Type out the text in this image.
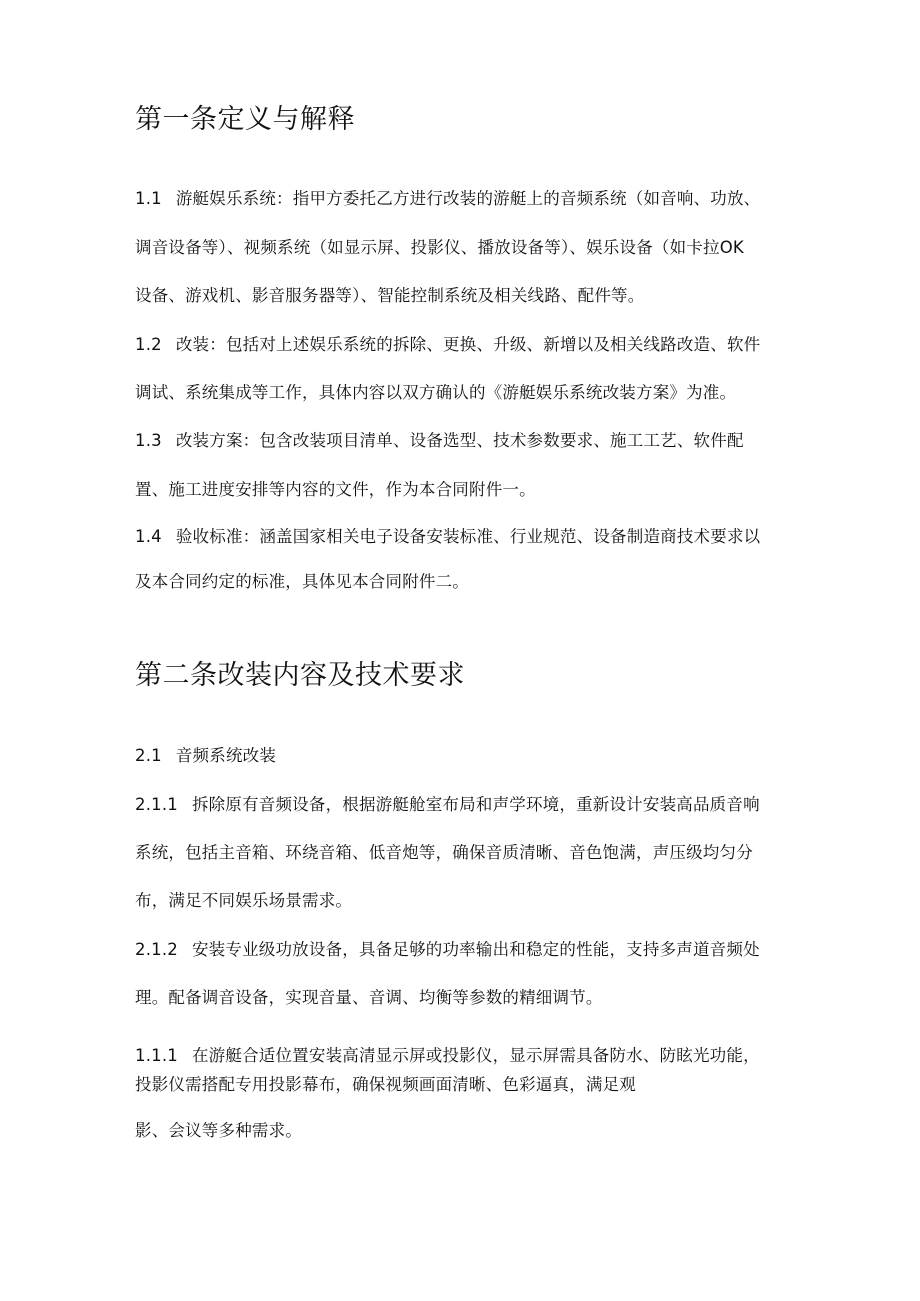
第一条定义与解释
1.1 游艇娱乐系统：指甲方委托乙方进行改装的游艇上的音频系统（如音响、功放、
调音设备等）、视频系统（如显示屏、投影仪、播放设备等）、娱乐设备（如卡拉OK
设备、游戏机、影音服务器等）、智能控制系统及相关线路、配件等。
1.2 改装：包括对上述娱乐系统的拆除、更换、升级、新增以及相关线路改造、软件
调试、系统集成等工作，具体内容以双方确认的《游艇娱乐系统改装方案》为准。
1.3 改装方案：包含改装项目清单、设备选型、技术参数要求、施工工艺、软件配
置、施工进度安排等内容的文件，作为本合同附件一。
1.4 验收标准：涵盖国家相关电子设备安装标准、行业规范、设备制造商技术要求以
及本合同约定的标准，具体见本合同附件二。
第二条改装内容及技术要求
2.1 音频系统改装
2.1.1 拆除原有音频设备，根据游艇舱室布局和声学环境，重新设计安装高品质音响
系统，包括主音箱、环绕音箱、低音炮等，确保音质清晰、音色饱满，声压级均匀分
布，满足不同娱乐场景需求。
2.1.2 安装专业级功放设备，具备足够的功率输出和稳定的性能，支持多声道音频处
理。配备调音设备，实现音量、音调、均衡等参数的精细调节。
1.1.1 在游艇合适位置安装高清显示屏或投影仪，显示屏需具备防水、防眩光功能，
投影仪需搭配专用投影幕布，确保视频画面清晰、色彩逼真，满足观
影、会议等多种需求。
